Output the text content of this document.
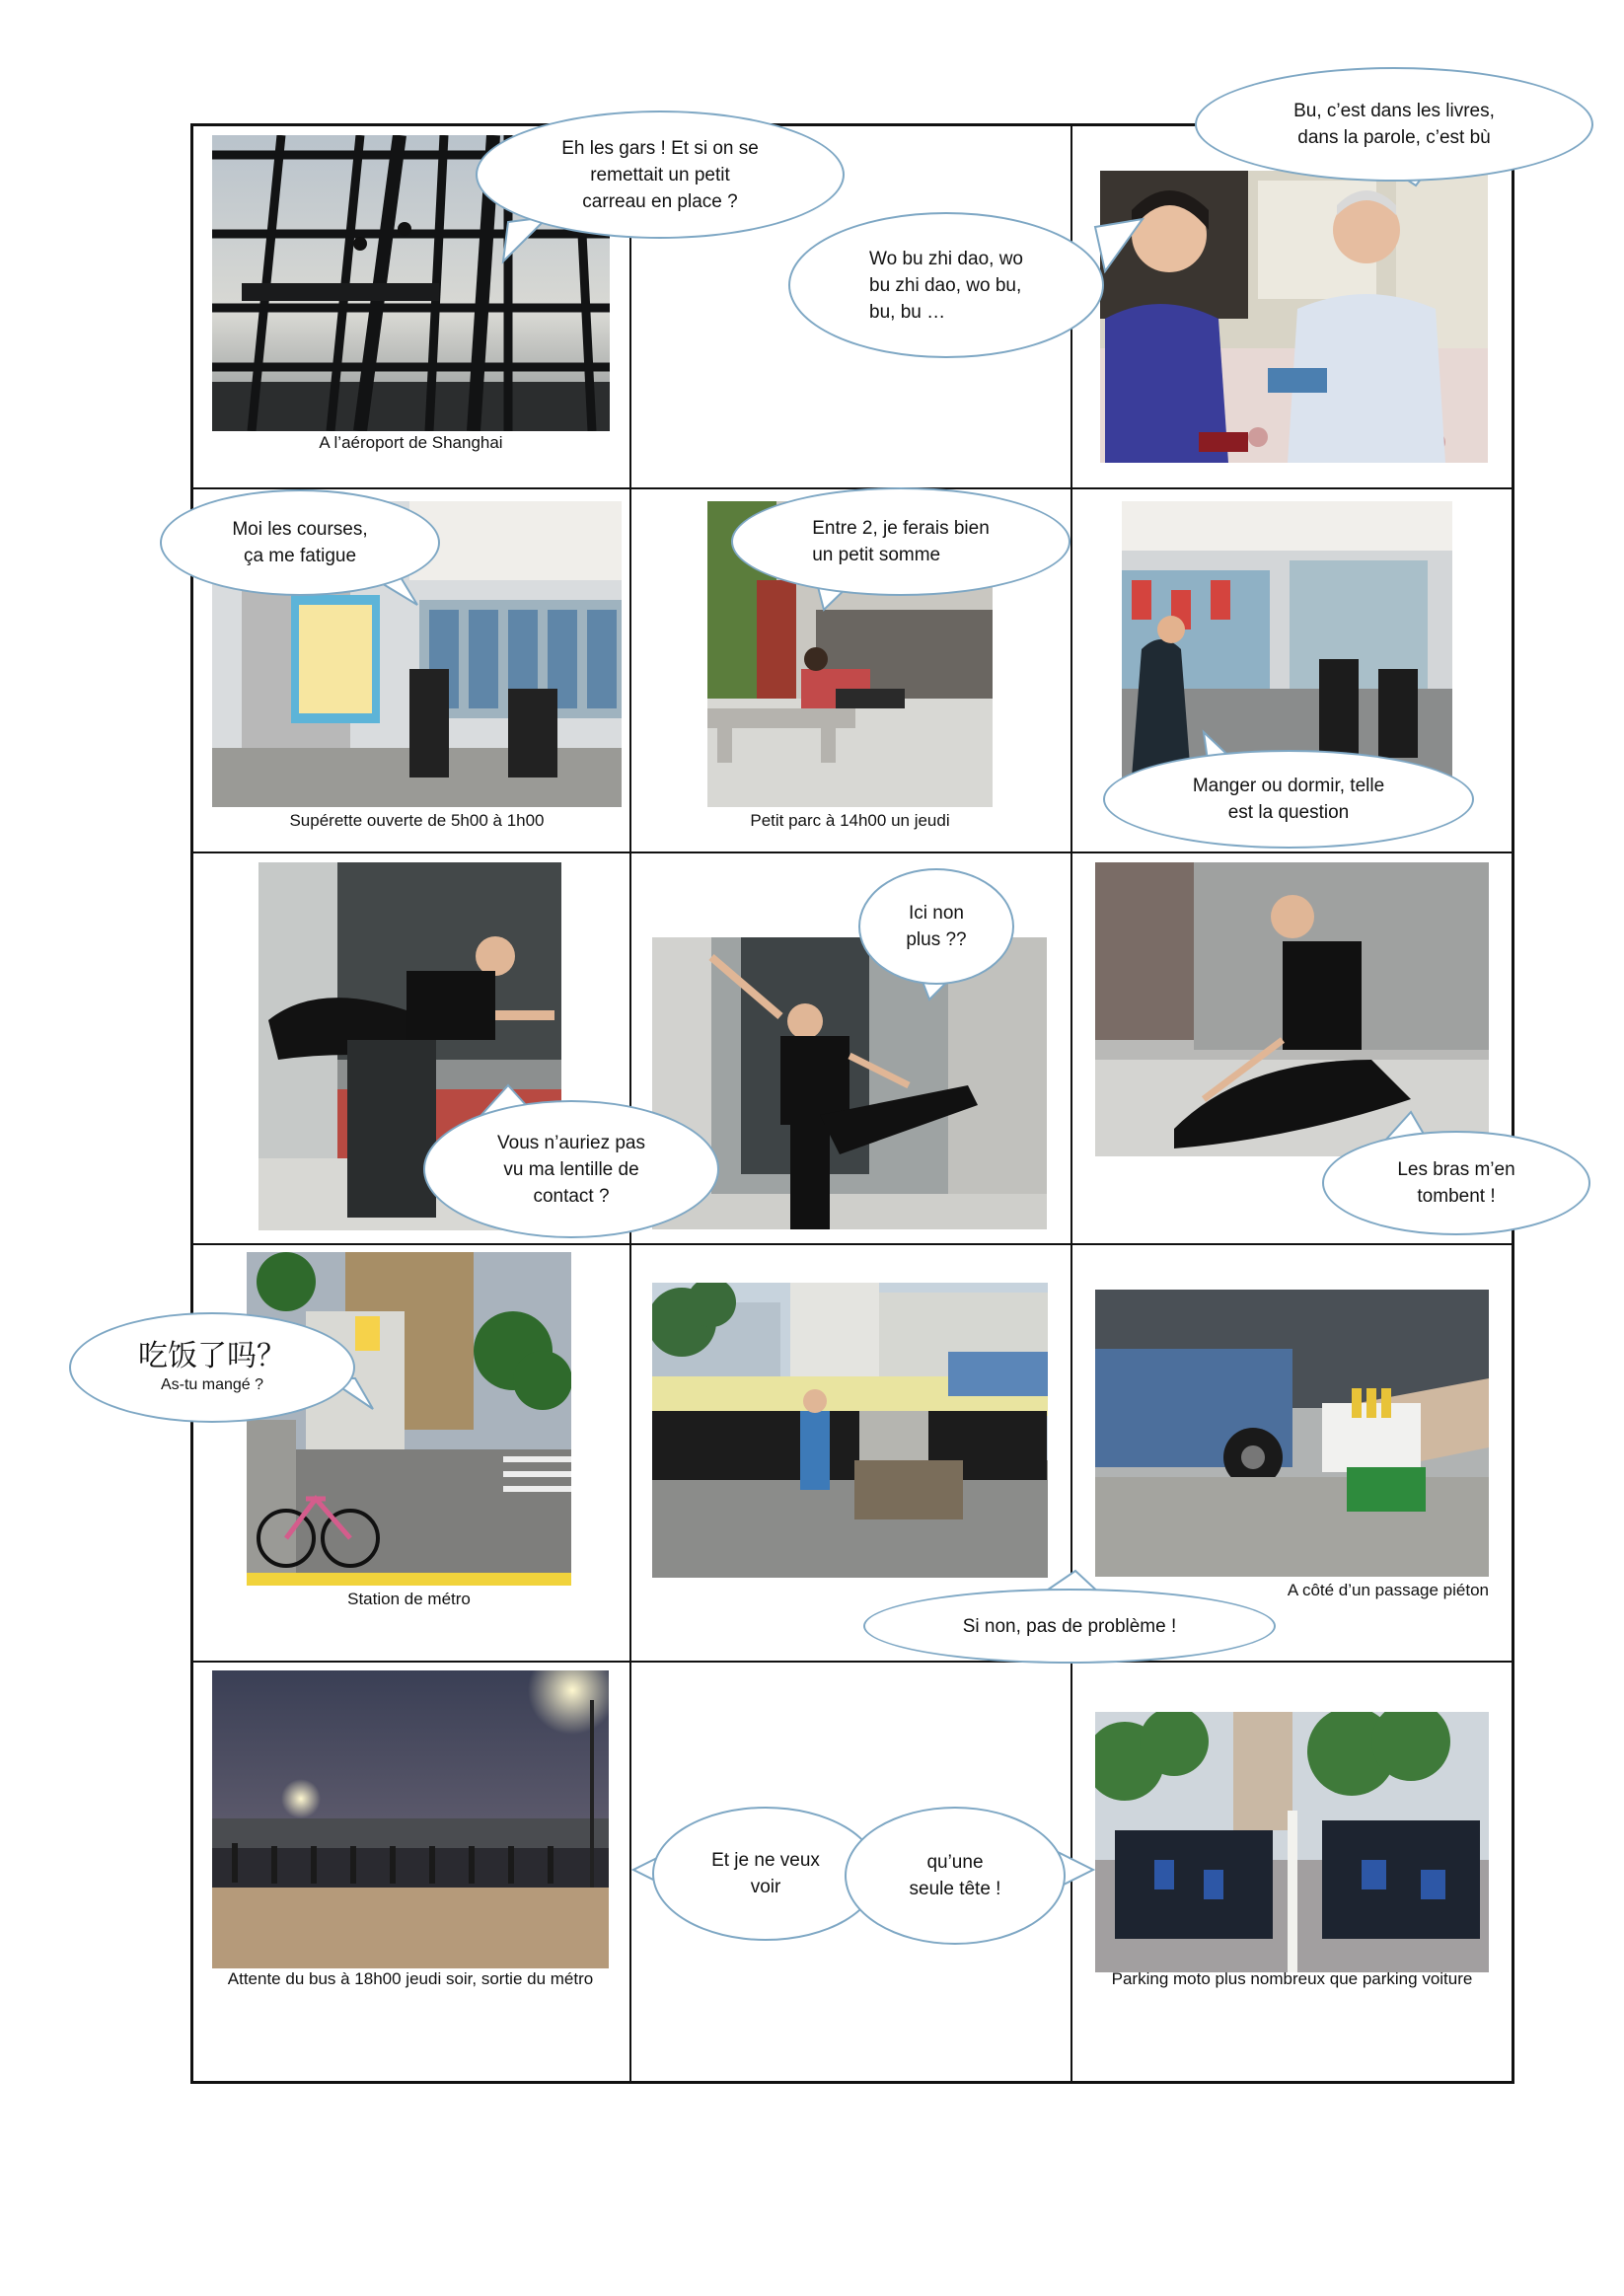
A l’aéroport de Shanghai
Eh les gars ! Et si on se
remettait un petit
carreau en place ?
Bu, c’est dans les livres,
dans la parole, c’est bù
Wo bu zhi dao, wo
bu zhi dao, wo bu,
bu, bu …
Supérette ouverte de 5h00 à 1h00	Petit parc à 14h00 un jeudi
Moi les courses,
ça me fatigue
Entre 2, je ferais bien
un petit somme
Manger ou dormir, telle
est la question
Ici non
plus ??
Vous n’auriez pas
vu ma lentille de
contact ?
Les bras m’en
tombent !
Station de métro	A côté d’un passage piéton
吃饭了吗？
As-tu mangé ?
Si non, pas de problème !
Attente du bus à 18h00 jeudi soir, sortie du métro	Parking moto plus nombreux que parking voiture
Et je ne veux
voir
qu’une
seule tête !
